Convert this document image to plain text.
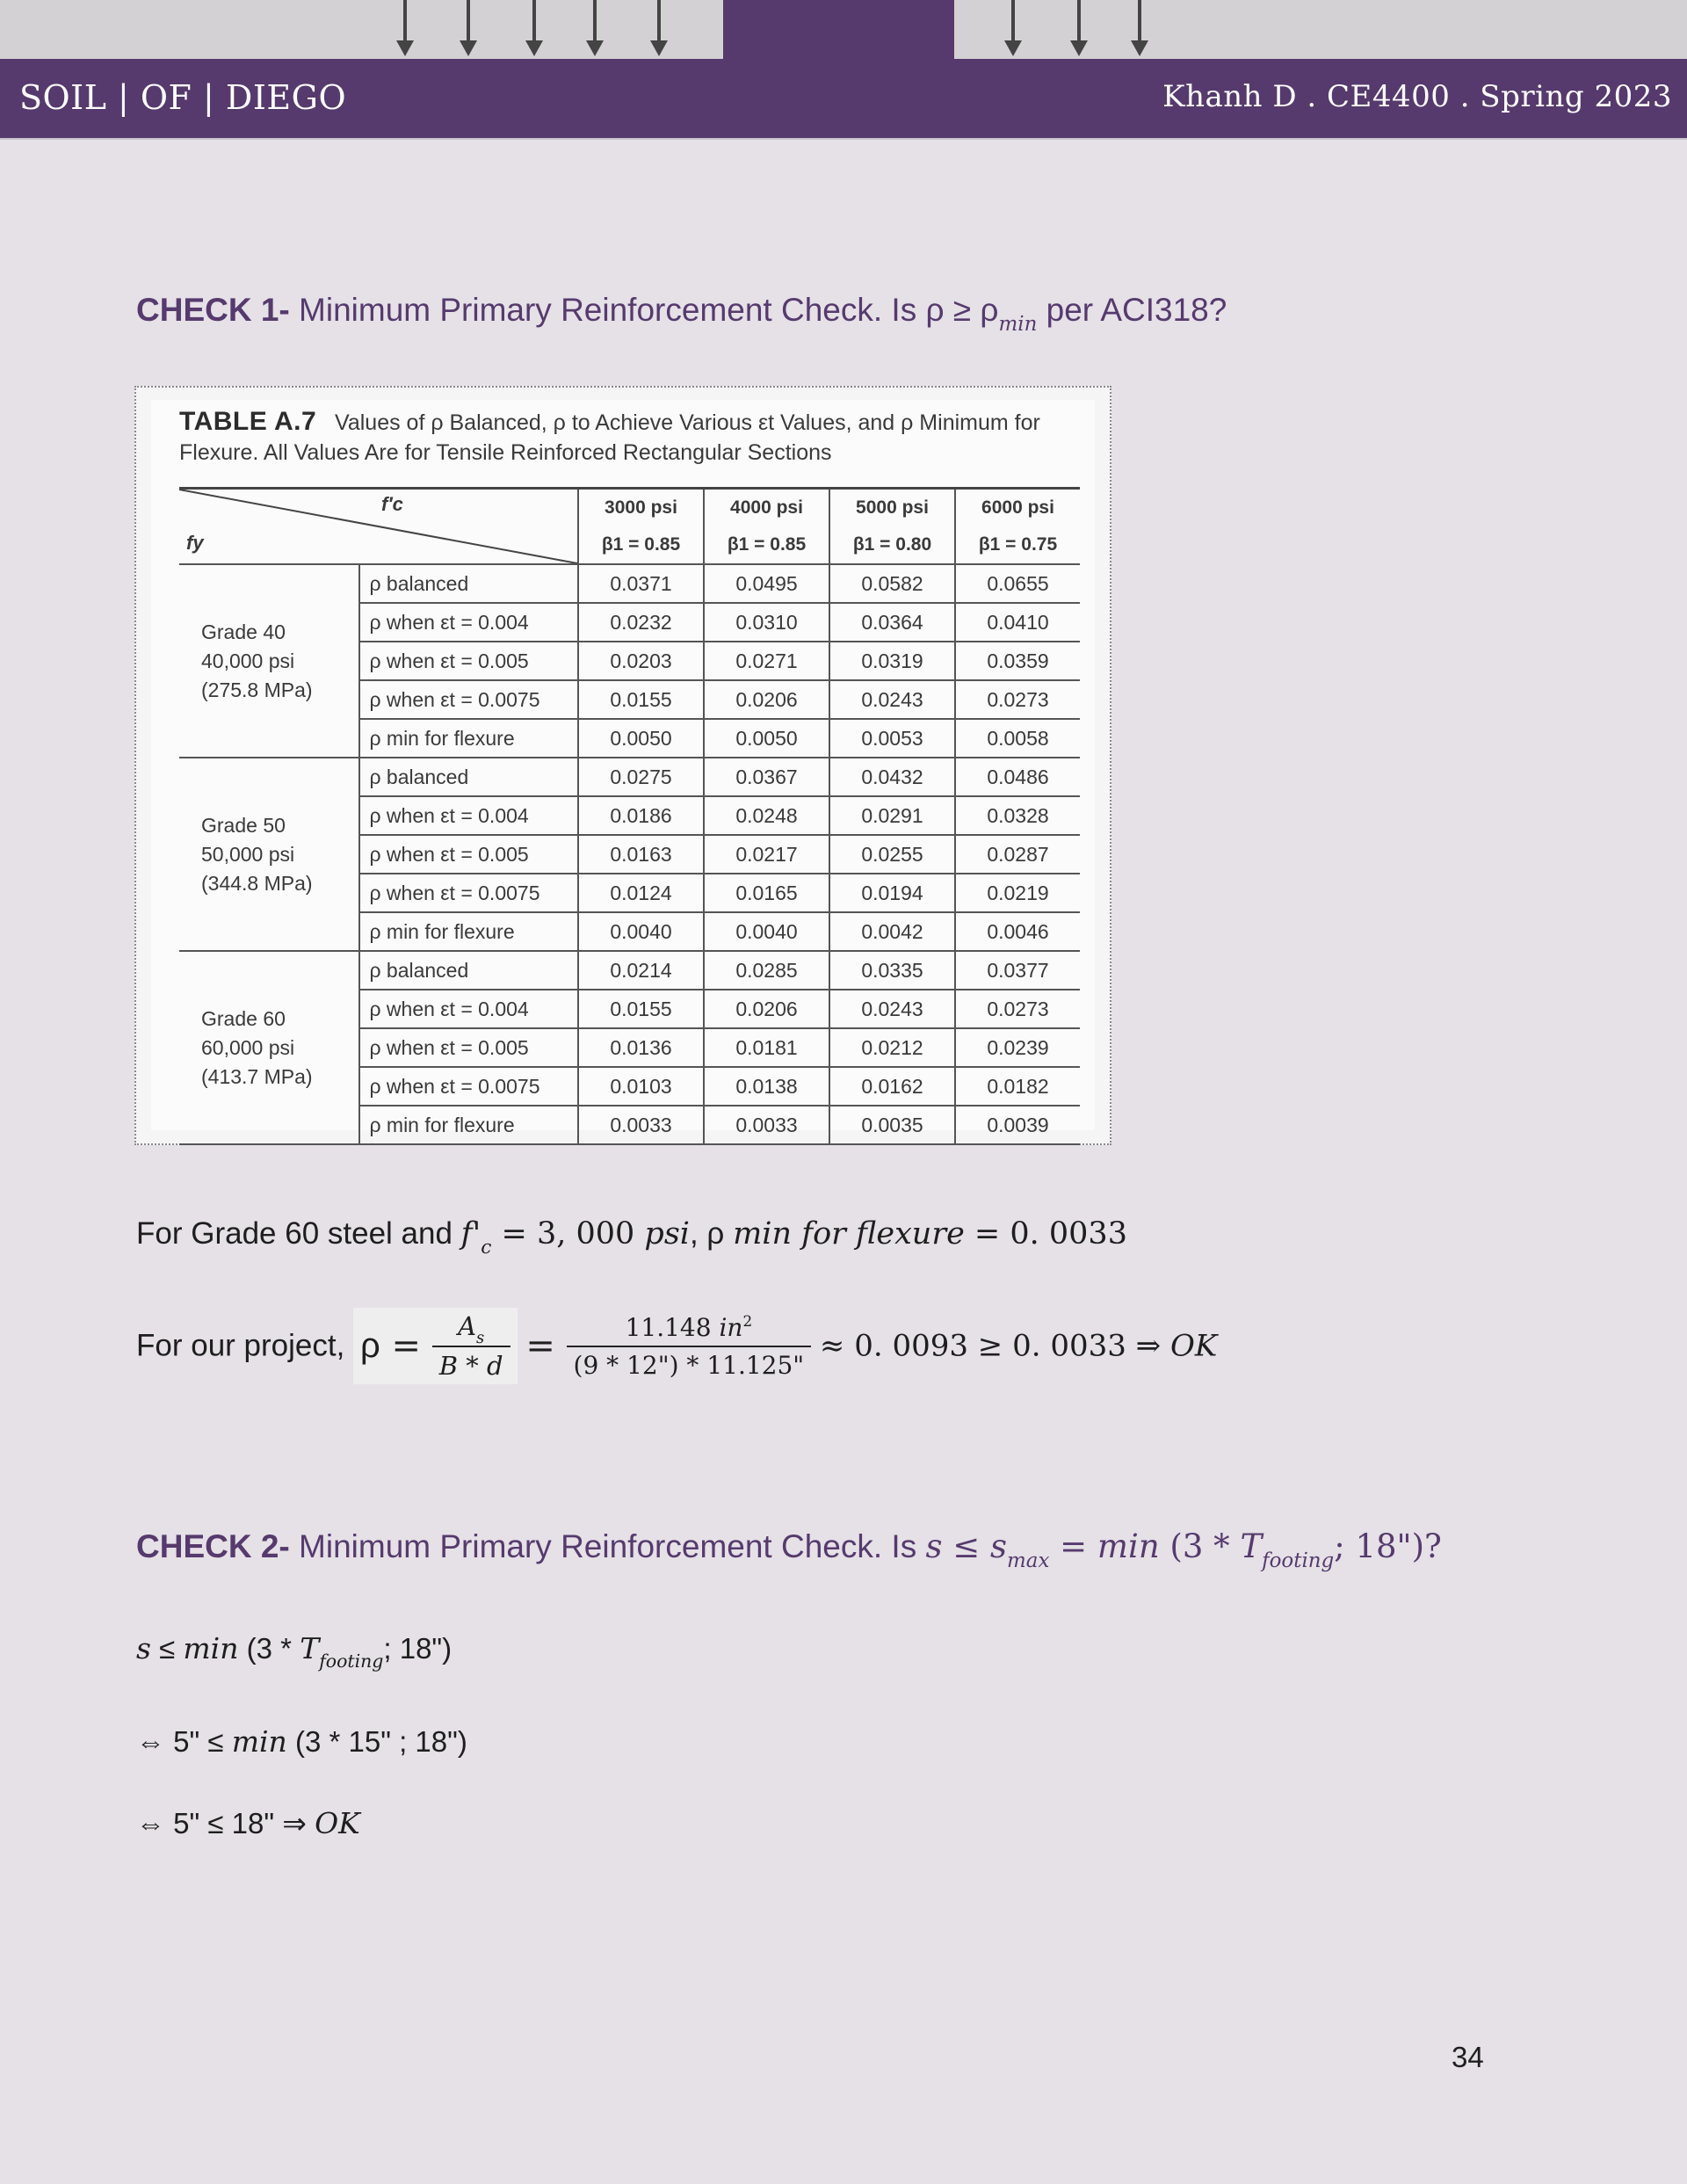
SOIL | OF | DIEGO	Khanh D . CE4400 . Spring 2023
CHECK 1- Minimum Primary Reinforcement Check. Is $\rho \ge \rho_{min}$ per ACI318?
TABLE A.7 Values of ρ Balanced, ρ to Achieve Various εt Values, and ρ Minimum for Flexure. All Values Are for Tensile Reinforced Rectangular Sections
fy
f′c		3000 psi	4000 psi	5000 psi	6000 psi
		β1 = 0.85	β1 = 0.85	β1 = 0.80	β1 = 0.75

Grade 40
40,000 psi
(275.8 MPa)	ρ balanced	0.0371	0.0495	0.0582	0.0655
	ρ when εt = 0.004	0.0232	0.0310	0.0364	0.0410
	ρ when εt = 0.005	0.0203	0.0271	0.0319	0.0359
	ρ when εt = 0.0075	0.0155	0.0206	0.0243	0.0273
	ρ min for flexure	0.0050	0.0050	0.0053	0.0058

Grade 50
50,000 psi
(344.8 MPa)	ρ balanced	0.0275	0.0367	0.0432	0.0486
	ρ when εt = 0.004	0.0186	0.0248	0.0291	0.0328
	ρ when εt = 0.005	0.0163	0.0217	0.0255	0.0287
	ρ when εt = 0.0075	0.0124	0.0165	0.0194	0.0219
	ρ min for flexure	0.0040	0.0040	0.0042	0.0046

Grade 60
60,000 psi
(413.7 MPa)	ρ balanced	0.0214	0.0285	0.0335	0.0377
	ρ when εt = 0.004	0.0155	0.0206	0.0243	0.0273
	ρ when εt = 0.005	0.0136	0.0181	0.0212	0.0239
	ρ when εt = 0.0075	0.0103	0.0138	0.0162	0.0182
	ρ min for flexure	0.0033	0.0033	0.0035	0.0039
For Grade 60 steel and $f'_c = 3$, 000 psi, ρ min for flexure = 0. 0033
For our project, $\rho = \frac{A_s}{B * d} = \frac{11.148 in^2}{(9 * 12") * 11.125"} \approx 0$. 0093 ≥ 0. 0033 ⇒ OK
CHECK 2- Minimum Primary Reinforcement Check. Is $s \le s_{max} = \min (3 * T_{footing}$; 18")?
$s \le \min (3 * T_{footing}$; 18")
⇔ 5" ≤ min (3 * 15" ; 18")
⇔ 5" ≤ 18" ⇒ OK
34
